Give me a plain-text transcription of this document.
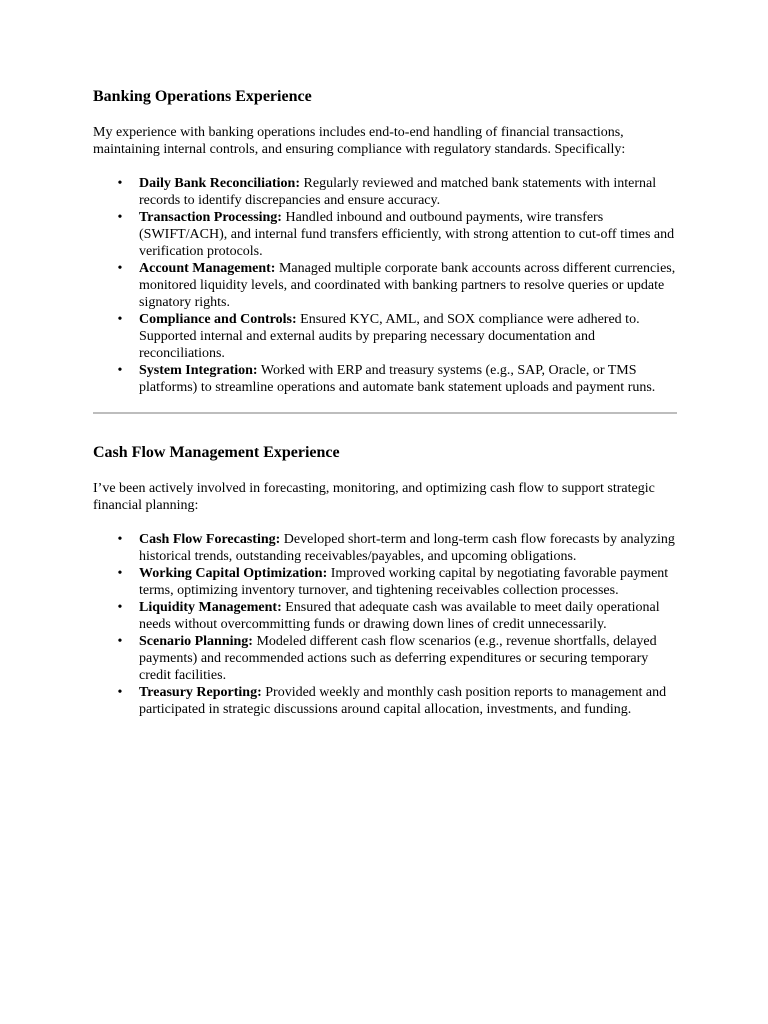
Banking Operations Experience

My experience with banking operations includes end-to-end handling of financial transactions, maintaining internal controls, and ensuring compliance with regulatory standards. Specifically:

• Daily Bank Reconciliation: Regularly reviewed and matched bank statements with internal records to identify discrepancies and ensure accuracy.
• Transaction Processing: Handled inbound and outbound payments, wire transfers (SWIFT/ACH), and internal fund transfers efficiently, with strong attention to cut-off times and verification protocols.
• Account Management: Managed multiple corporate bank accounts across different currencies, monitored liquidity levels, and coordinated with banking partners to resolve queries or update signatory rights.
• Compliance and Controls: Ensured KYC, AML, and SOX compliance were adhered to. Supported internal and external audits by preparing necessary documentation and reconciliations.
• System Integration: Worked with ERP and treasury systems (e.g., SAP, Oracle, or TMS platforms) to streamline operations and automate bank statement uploads and payment runs.
Cash Flow Management Experience

I’ve been actively involved in forecasting, monitoring, and optimizing cash flow to support strategic financial planning:

• Cash Flow Forecasting: Developed short-term and long-term cash flow forecasts by analyzing historical trends, outstanding receivables/payables, and upcoming obligations.
• Working Capital Optimization: Improved working capital by negotiating favorable payment terms, optimizing inventory turnover, and tightening receivables collection processes.
• Liquidity Management: Ensured that adequate cash was available to meet daily operational needs without overcommitting funds or drawing down lines of credit unnecessarily.
• Scenario Planning: Modeled different cash flow scenarios (e.g., revenue shortfalls, delayed payments) and recommended actions such as deferring expenditures or securing temporary credit facilities.
• Treasury Reporting: Provided weekly and monthly cash position reports to management and participated in strategic discussions around capital allocation, investments, and funding.
